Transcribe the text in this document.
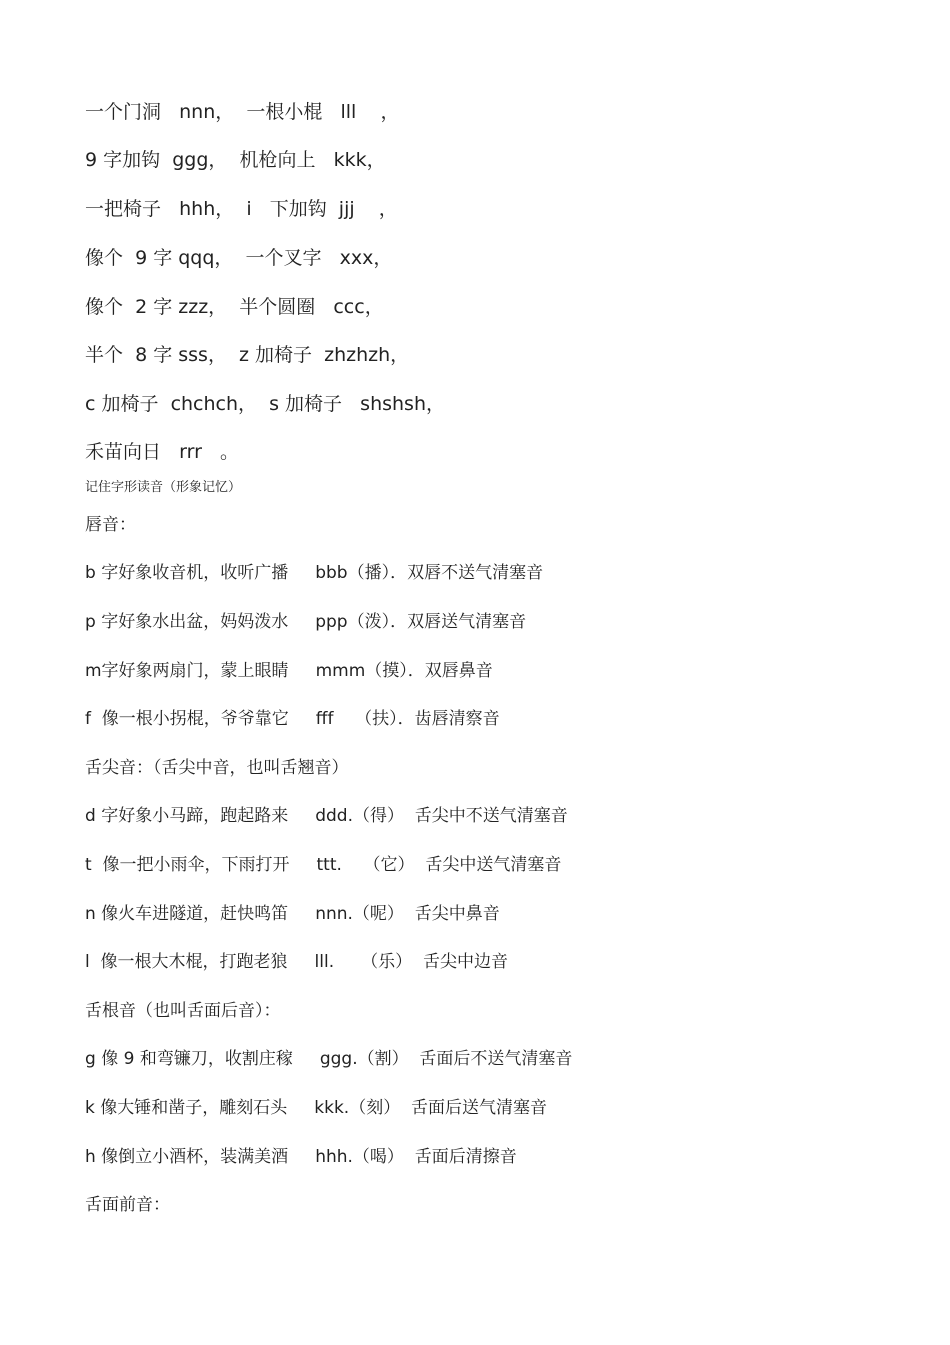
一个门洞   nnn，  一根小棍   lll    ，
9 字加钩  ggg，  机枪向上   kkk，
一把椅子   hhh，  i   下加钩  jjj    ，
像个  9 字 qqq，  一个叉字   xxx，
像个  2 字 zzz，  半个圆圈   ccc，
半个  8 字 sss，  z 加椅子  zhzhzh，
c 加椅子  chchch，  s 加椅子   shshsh，
禾苗向日   rrr   。
记住字形读音（形象记忆）
唇音：
b 字好象收音机，收听广播     bbb（播）．双唇不送气清塞音
p 字好象水出盆，妈妈泼水     ppp（泼）．双唇送气清塞音
m字好象两扇门，蒙上眼睛     mmm（摸）．双唇鼻音
f  像一根小拐棍，爷爷靠它     fff    （扶）．齿唇清察音
舌尖音：（舌尖中音，也叫舌翘音）
d 字好象小马蹄，跑起路来     ddd.（得）  舌尖中不送气清塞音
t  像一把小雨伞，下雨打开     ttt.    （它）  舌尖中送气清塞音
n 像火车进隧道，赶快鸣笛     nnn.（呢）  舌尖中鼻音
l  像一根大木棍，打跑老狼     lll.     （乐）  舌尖中边音
舌根音（也叫舌面后音）：
g 像 9 和弯镰刀，收割庄稼     ggg.（割）  舌面后不送气清塞音
k 像大锤和凿子，雕刻石头     kkk.（刻）  舌面后送气清塞音
h 像倒立小酒杯，装满美酒     hhh.（喝）  舌面后清擦音
舌面前音：
